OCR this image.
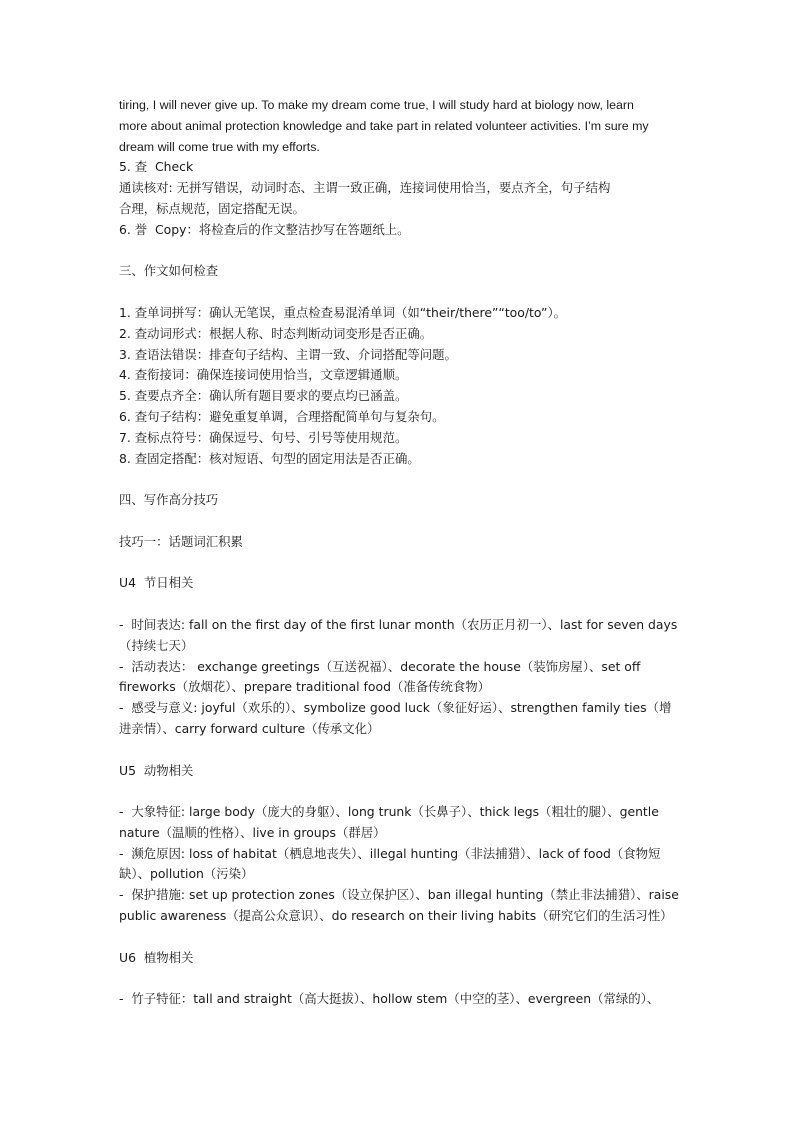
tiring, I will never give up. To make my dream come true, I will study hard at biology now, learn

more about animal protection knowledge and take part in related volunteer activities. I’m sure my

dream will come true with my efforts.

5. 查  Check

通读核对: 无拼写错误，动词时态、主谓一致正确，连接词使用恰当，要点齐全，句子结构

合理，标点规范，固定搭配无误。

6. 誉  Copy：将检查后的作文整洁抄写在答题纸上。

三、作文如何检查

1. 查单词拼写：确认无笔误，重点检查易混淆单词（如“their/there”“too/to”）。

2. 查动词形式：根据人称、时态判断动词变形是否正确。

3. 查语法错误：排查句子结构、主谓一致、介词搭配等问题。

4. 查衔接词：确保连接词使用恰当，文章逻辑通顺。

5. 查要点齐全：确认所有题目要求的要点均已涵盖。

6. 查句子结构：避免重复单调，合理搭配简单句与复杂句。

7. 查标点符号：确保逗号、句号、引号等使用规范。

8. 查固定搭配：核对短语、句型的固定用法是否正确。

四、写作高分技巧

技巧一：话题词汇积累

U4  节日相关

-  时间表达: fall on the first day of the first lunar month（农历正月初一）、last for seven days

（持续七天）

-  活动表达： exchange greetings（互送祝福）、decorate the house（装饰房屋）、set off

fireworks（放烟花）、prepare traditional food（准备传统食物）

-  感受与意义: joyful（欢乐的）、symbolize good luck（象征好运）、strengthen family ties（增

进亲情）、carry forward culture（传承文化）

U5  动物相关

-  大象特征: large body（庞大的身躯）、long trunk（长鼻子）、thick legs（粗壮的腿）、gentle

nature（温顺的性格）、live in groups（群居）

-  濒危原因: loss of habitat（栖息地丧失）、illegal hunting（非法捕猎）、lack of food（食物短

缺）、pollution（污染）

-  保护措施: set up protection zones（设立保护区）、ban illegal hunting（禁止非法捕猎）、raise

public awareness（提高公众意识）、do research on their living habits（研究它们的生活习性）

U6  植物相关

-  竹子特征：tall and straight（高大挺拔）、hollow stem（中空的茎）、evergreen（常绿的）、
